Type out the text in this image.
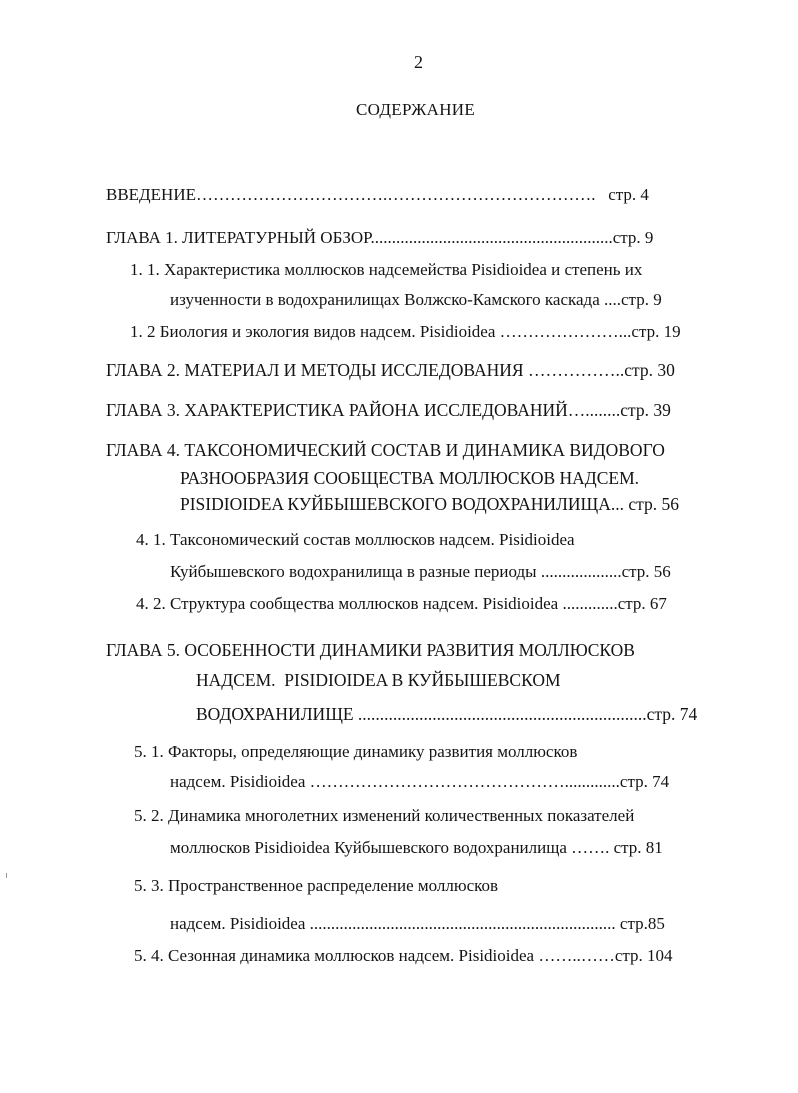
2
СОДЕРЖАНИЕ
ВВЕДЕНИЕ…………………………….……………………………….   стр. 4
ГЛАВА 1. ЛИТЕРАТУРНЫЙ ОБЗОР.........................................................стр. 9
1. 1. Характеристика моллюсков надсемейства Pisidioidea и степень их
изученности в водохранилищах Волжско-Камского каскада ....стр. 9
1. 2 Биология и экология видов надсем. Pisidioidea …………………...стр. 19
ГЛАВА 2. МАТЕРИАЛ И МЕТОДЫ ИССЛЕДОВАНИЯ ……………..стр. 30
ГЛАВА 3. ХАРАКТЕРИСТИКА РАЙОНА ИССЛЕДОВАНИЙ…........стр. 39
ГЛАВА 4. ТАКСОНОМИЧЕСКИЙ СОСТАВ И ДИНАМИКА ВИДОВОГО
РАЗНООБРАЗИЯ СООБЩЕСТВА МОЛЛЮСКОВ НАДСЕМ.
PISIDIOIDEA КУЙБЫШЕВСКОГО ВОДОХРАНИЛИЩА... стр. 56
4. 1. Таксономический состав моллюсков надсем. Pisidioidea
Куйбышевского водохранилища в разные периоды ...................стр. 56
4. 2. Структура сообщества моллюсков надсем. Pisidioidea .............стр. 67
ГЛАВА 5. ОСОБЕННОСТИ ДИНАМИКИ РАЗВИТИЯ МОЛЛЮСКОВ
НАДСЕМ.  PISIDIOIDEA В КУЙБЫШЕВСКОМ
ВОДОХРАНИЛИЩЕ ..................................................................стр. 74
5. 1. Факторы, определяющие динамику развития моллюсков
надсем. Pisidioidea ……………………………………….............стр. 74
5. 2. Динамика многолетних изменений количественных показателей
моллюсков Pisidioidea Куйбышевского водохранилища ……. стр. 81
5. 3. Пространственное распределение моллюсков
надсем. Pisidioidea ........................................................................ стр.85
5. 4. Сезонная динамика моллюсков надсем. Pisidioidea ……..……стр. 104
